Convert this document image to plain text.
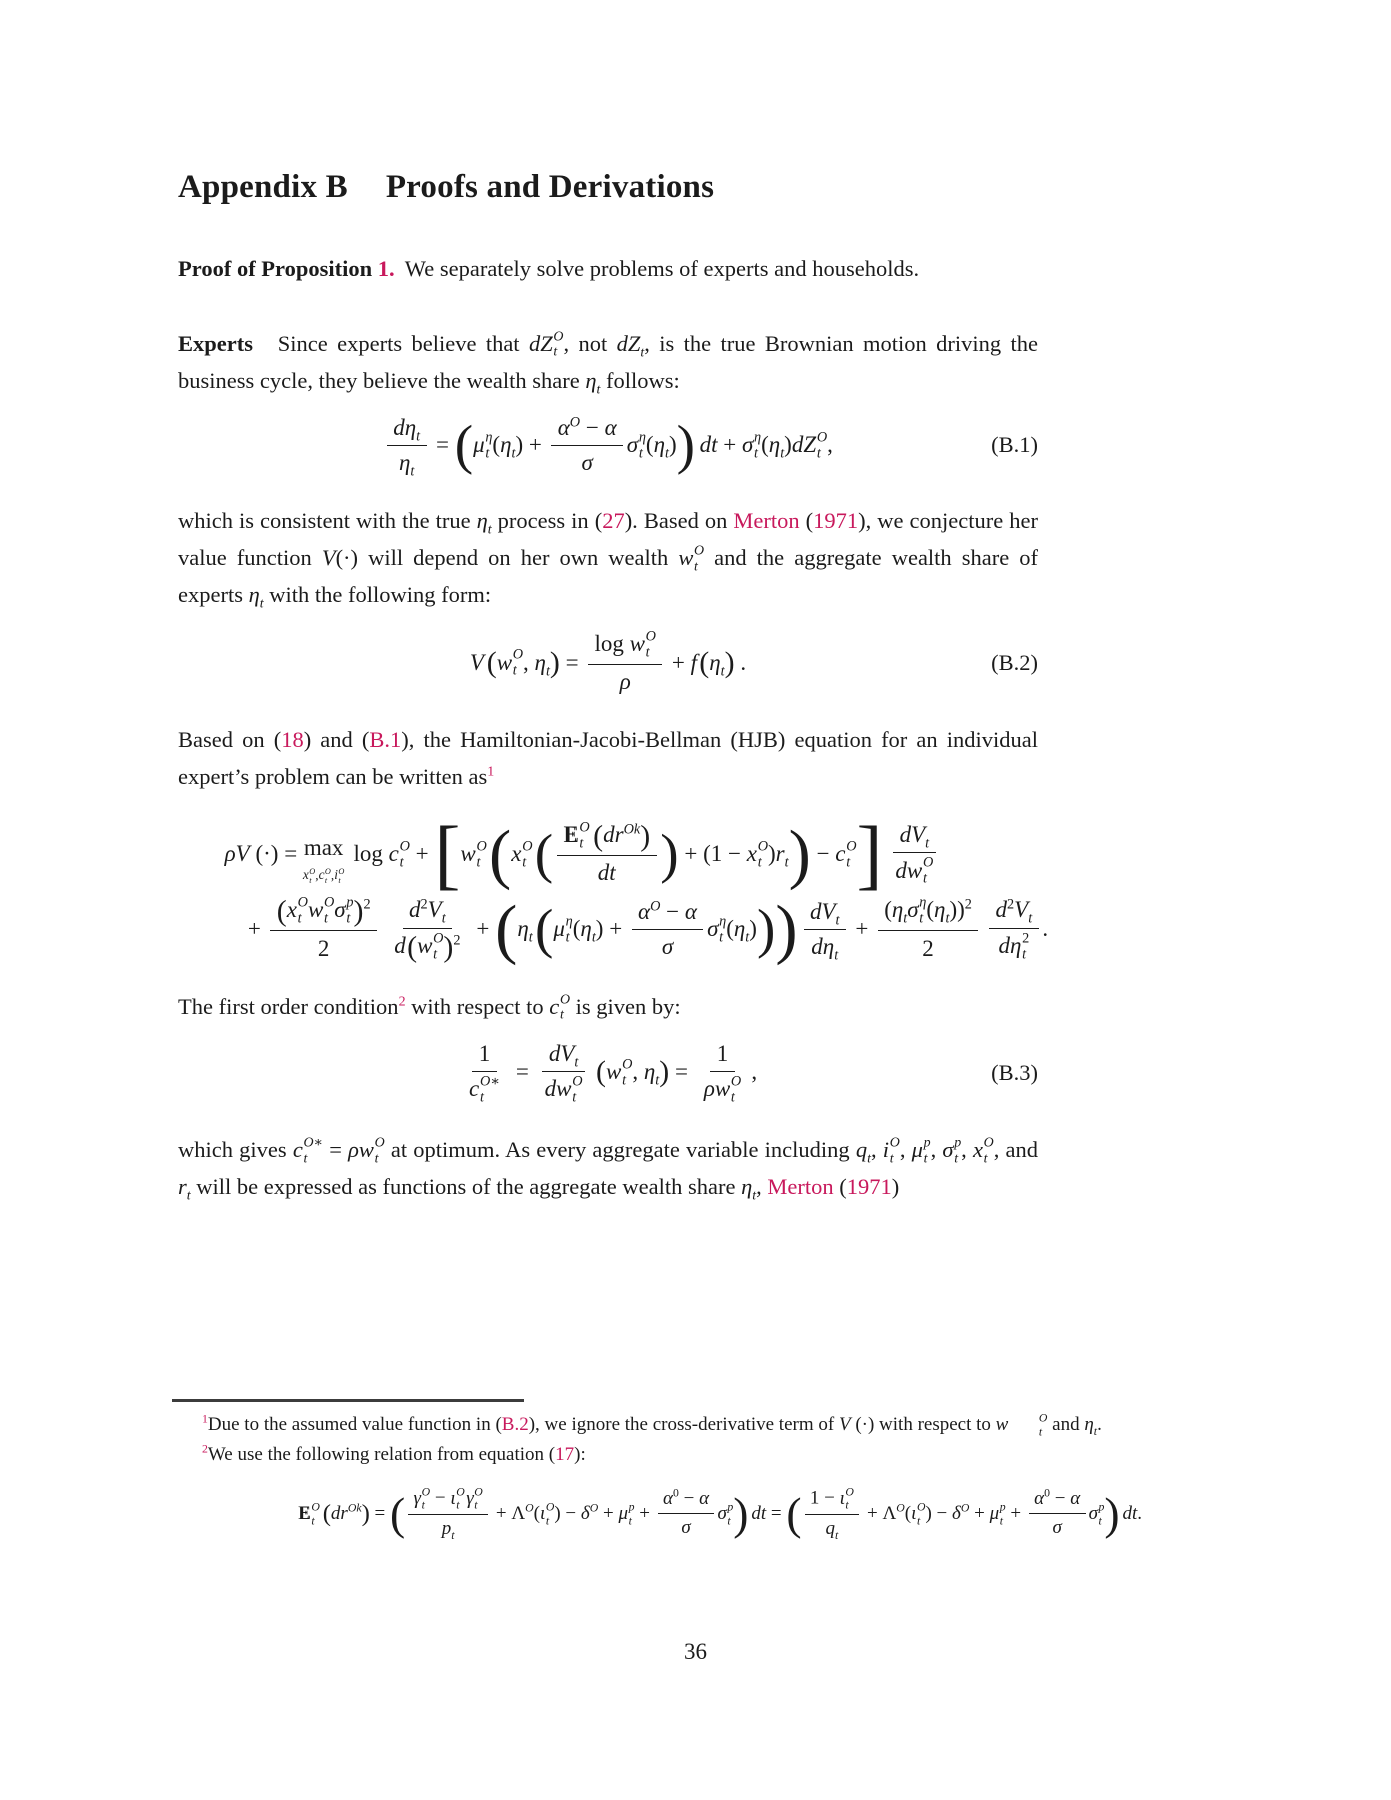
Appendix B Proofs and Derivations

Proof of Proposition 1. We separately solve problems of experts and households.

Experts Since experts believe that dZ O
t , not $dZ_t$, is the true Brownian motion driving the business cycle, they believe the wealth share $\eta_t$ follows:

$\frac{d\eta_t}{\eta_t}$ = ( μ η
t ( $\eta_t$ ) + $\frac{\alpha^O - \alpha}{\sigma}$ σ η
t ( $\eta_t$ ) ) dt + σ η
t ( $\eta_t$ ) dZ O
t ,	(B.1)

which is consistent with the true $\eta_t$ process in (27). Based on Merton (1971), we conjecture her value function V(·) will depend on her own wealth w O
t and the aggregate wealth share of experts $\eta_t$ with the following form:

V ( w O
t , $\eta_t$ ) = log w O
t
ρ + f ( $\eta_t$ ) .	(B.2)

Based on (18) and (B.1), the Hamiltonian-Jacobi-Bellman (HJB) equation for an individual expert’s problem can be written $as^1$

ρV (·) = max
x O
t ,c O
t ,i O
t
log c O
t + [ w O
t ( x O
t ( E O
t $(dr^{Ok})$
dt ) + (1 − x O
t ) $r_t$ ) − c O
t ] $dV_t$
dw O
t
+ (x O
t w O
t σ p
t )$^2$
2 $d^2V_t$
d(w O
t )$^2$ + ( $\eta_t$ ( μ η
t ( $\eta_t$ ) + $\frac{\alpha^O - \alpha}{\sigma}$ σ η
t ( $\eta_t$ ) ) ) $\frac{dV_t}{d\eta_t} + (\eta_t\sigma$ η
t $(\eta_t))^2$
2 $d^2V_t$
dη 2
t .

The first order condition$^2$ with respect to c O
t is given by:

1
c O∗
$t = dV_t$
dw O
t ( w O
t , $\eta_t$ ) = 1
ρw O
t ,	(B.3)

which gives c O∗
t = ρw O
t at optimum. As every aggregate variable including $q_t$, i O
t , μ p
t , σ p
t , x O
t , and $r_t$ will be expressed as functions of the aggregate wealth share $\eta_t$, Merton (1971)

$^1$Due to the assumed value function in (B.2), we ignore the cross-derivative term of V (·) with respect to w	O
t and $\eta_t$.

$^2$We use the following relation from equation (17):

E O
t ( $dr^{Ok}$ ) = ( γ O
t − ι O
t γ O
t
$p_t + \Lambda^O$ ( ι O
t ) − $\delta^O + \mu$ p
$t + \frac{\alpha^0 - \alpha}{\sigma}$ σ p
t ) dt = ( 1 − ι O
t
$q_t + \Lambda^O$ ( ι O
t ) − $\delta^O + \mu$ p
$t + \frac{\alpha^0 - \alpha}{\sigma}$ σ p
t ) dt .
36
